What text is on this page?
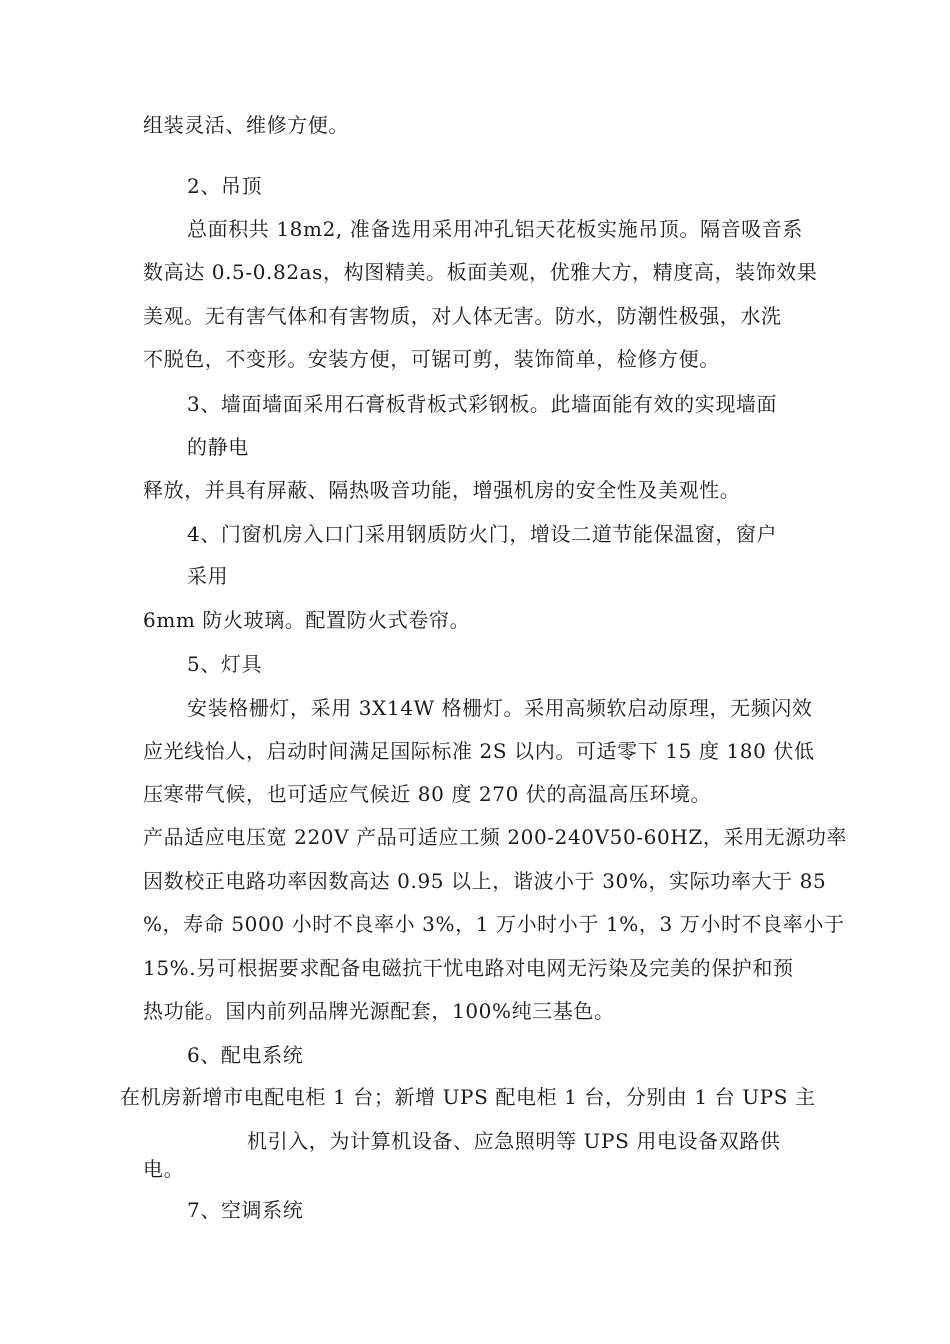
组装灵活、维修方便。
2、吊顶
总面积共 18m2, 准备选用采用冲孔铝天花板实施吊顶。隔音吸音系
数高达 0.5-0.82as，构图精美。板面美观，优雅大方，精度高，装饰效果
美观。无有害气体和有害物质，对人体无害。防水，防潮性极强，水洗
不脱色，不变形。安装方便，可锯可剪，装饰简单，检修方便。
3、墙面墙面采用石膏板背板式彩钢板。此墙面能有效的实现墙面
的静电
释放，并具有屏蔽、隔热吸音功能，增强机房的安全性及美观性。
4、门窗机房入口门采用钢质防火门，增设二道节能保温窗，窗户
采用
6mm 防火玻璃。配置防火式卷帘。
5、灯具
安装格栅灯，采用 3X14W 格栅灯。采用高频软启动原理，无频闪效
应光线怡人，启动时间满足国际标准 2S 以内。可适零下 15 度 180 伏低
压寒带气候，也可适应气候近 80 度 270 伏的高温高压环境。
产品适应电压宽 220V 产品可适应工频 200-240V50-60HZ，采用无源功率
因数校正电路功率因数高达 0.95 以上，谐波小于 30%，实际功率大于 85
%，寿命 5000 小时不良率小 3%，1 万小时小于 1%，3 万小时不良率小于
15%.另可根据要求配备电磁抗干忧电路对电网无污染及完美的保护和预
热功能。国内前列品牌光源配套，100%纯三基色。
6、配电系统
在机房新增市电配电柜 1 台；新增 UPS 配电柜 1 台，分别由 1 台 UPS 主
机引入，为计算机设备、应急照明等 UPS 用电设备双路供
电。
7、空调系统
